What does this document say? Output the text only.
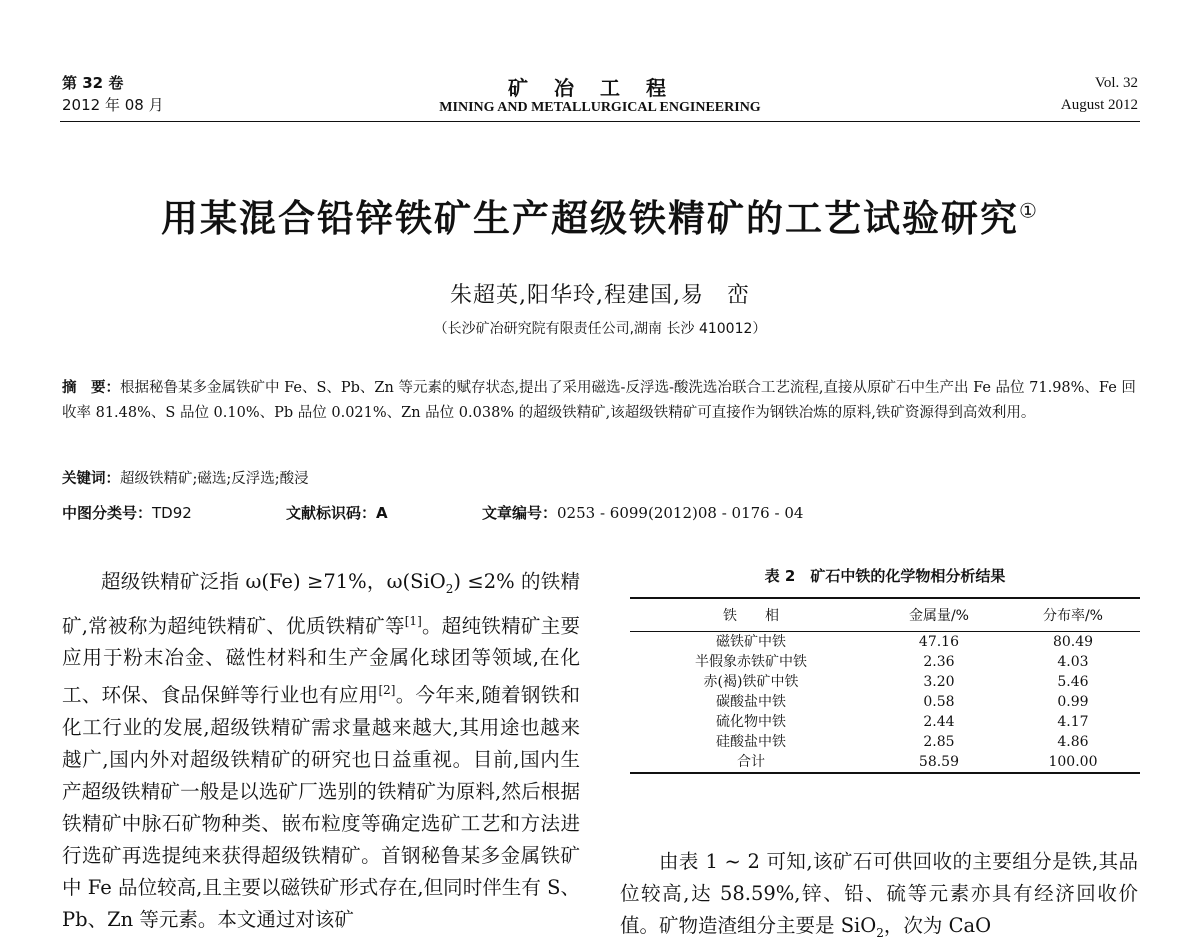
第 32 卷
2012 年 08 月
矿冶工程
MINING AND METALLURGICAL ENGINEERING
Vol. 32
August 2012
用某混合铅锌铁矿生产超级铁精矿的工艺试验研究①
朱超英,阳华玲,程建国,易　峦
（长沙矿冶研究院有限责任公司,湖南 长沙 410012）
摘　要：根据秘鲁某多金属铁矿中 Fe、S、Pb、Zn 等元素的赋存状态,提出了采用磁选-反浮选-酸洗选冶联合工艺流程,直接从原矿石中生产出 Fe 品位 71.98%、Fe 回收率 81.48%、S 品位 0.10%、Pb 品位 0.021%、Zn 品位 0.038% 的超级铁精矿,该超级铁精矿可直接作为钢铁冶炼的原料,铁矿资源得到高效利用。
关键词：超级铁精矿;磁选;反浮选;酸浸
中图分类号：TD92	文献标识码：A	文章编号：0253 - 6099(2012)08 - 0176 - 04

超级铁精矿泛指 ω(Fe) ≥71%，ω(SiO$_2$) ≤2% 的铁精矿,常被称为超纯铁精矿、优质铁精矿等[1]。超纯铁精矿主要应用于粉末冶金、磁性材料和生产金属化球团等领域,在化工、环保、食品保鲜等行业也有应用[2]。今年来,随着钢铁和化工行业的发展,超级铁精矿需求量越来越大,其用途也越来越广,国内外对超级铁精矿的研究也日益重视。目前,国内生产超级铁精矿一般是以选矿厂选别的铁精矿为原料,然后根据铁精矿中脉石矿物种类、嵌布粒度等确定选矿工艺和方法进行选矿再选提纯来获得超级铁精矿。首钢秘鲁某多金属铁矿中 Fe 品位较高,且主要以磁铁矿形式存在,但同时伴生有 S、Pb、Zn 等元素。本文通过对该矿

表 2　矿石中铁的化学物相分析结果
铁　　相	金属量/%	分布率/%
磁铁矿中铁	47.16	80.49
半假象赤铁矿中铁	2.36	4.03
赤(褐)铁矿中铁	3.20	5.46
碳酸盐中铁	0.58	0.99
硫化物中铁	2.44	4.17
硅酸盐中铁	2.85	4.86
合计	58.59	100.00

由表 1 ~ 2 可知,该矿石可供回收的主要组分是铁,其品位较高,达 58.59%,锌、铅、硫等元素亦具有经济回收价值。矿物造渣组分主要是 SiO$_2$，次为 CaO
